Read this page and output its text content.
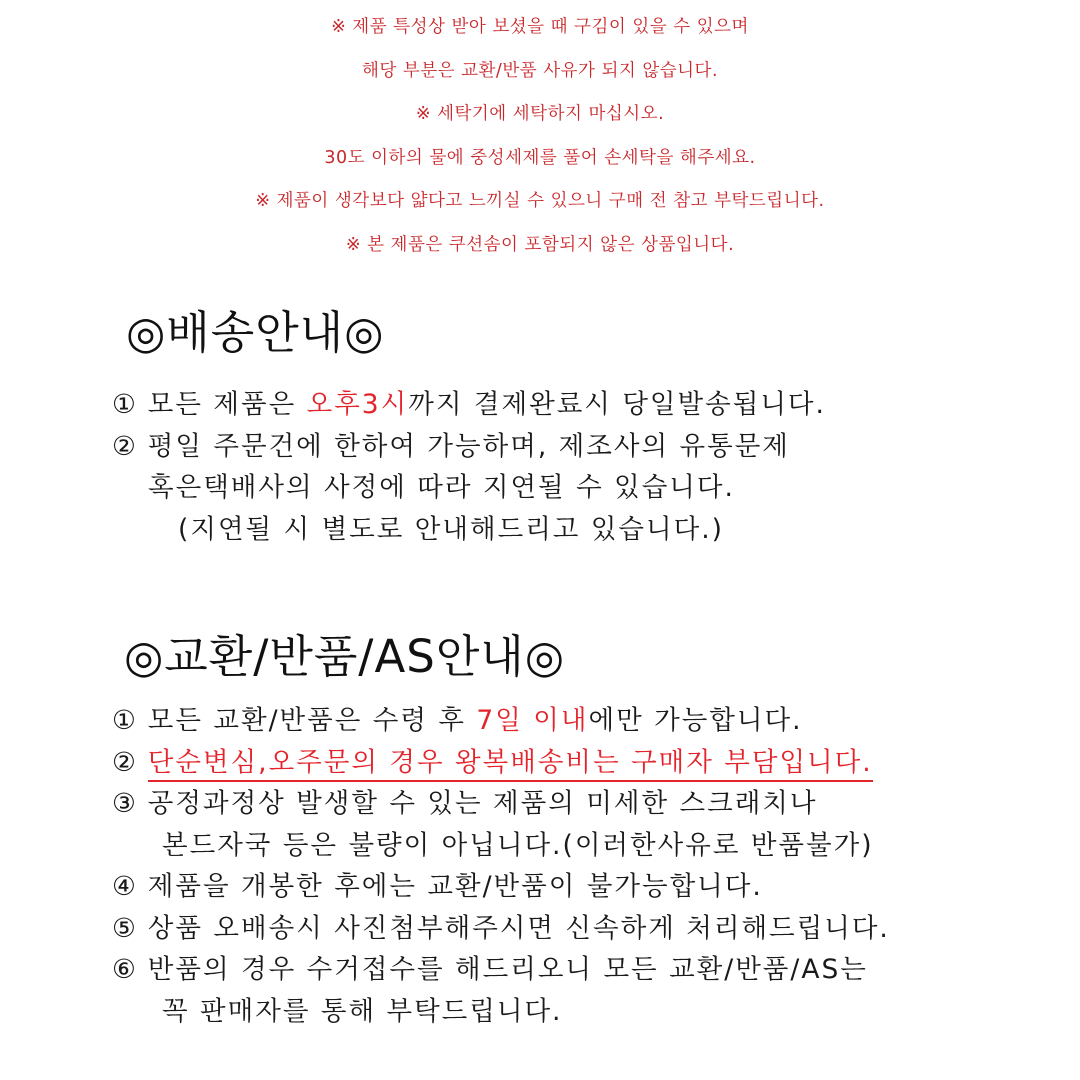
※ 제품 특성상 받아 보셨을 때 구김이 있을 수 있으며
해당 부분은 교환/반품 사유가 되지 않습니다.
※ 세탁기에 세탁하지 마십시오.
30도 이하의 물에 중성세제를 풀어 손세탁을 해주세요.
※ 제품이 생각보다 얇다고 느끼실 수 있으니 구매 전 참고 부탁드립니다.
※ 본 제품은 쿠션솜이 포함되지 않은 상품입니다.
◎배송안내◎
① 모든 제품은 오후3시까지 결제완료시 당일발송됩니다.
② 평일 주문건에 한하여 가능하며, 제조사의 유통문제
혹은택배사의 사정에 따라 지연될 수 있습니다.
(지연될 시 별도로 안내해드리고 있습니다.)
◎교환/반품/AS안내◎
① 모든 교환/반품은 수령 후 7일 이내에만 가능합니다.
② 단순변심,오주문의 경우 왕복배송비는 구매자 부담입니다.
③ 공정과정상 발생할 수 있는 제품의 미세한 스크래치나
본드자국 등은 불량이 아닙니다.(이러한사유로 반품불가)
④ 제품을 개봉한 후에는 교환/반품이 불가능합니다.
⑤ 상품 오배송시 사진첨부해주시면 신속하게 처리해드립니다.
⑥ 반품의 경우 수거접수를 해드리오니 모든 교환/반품/AS는
꼭 판매자를 통해 부탁드립니다.
